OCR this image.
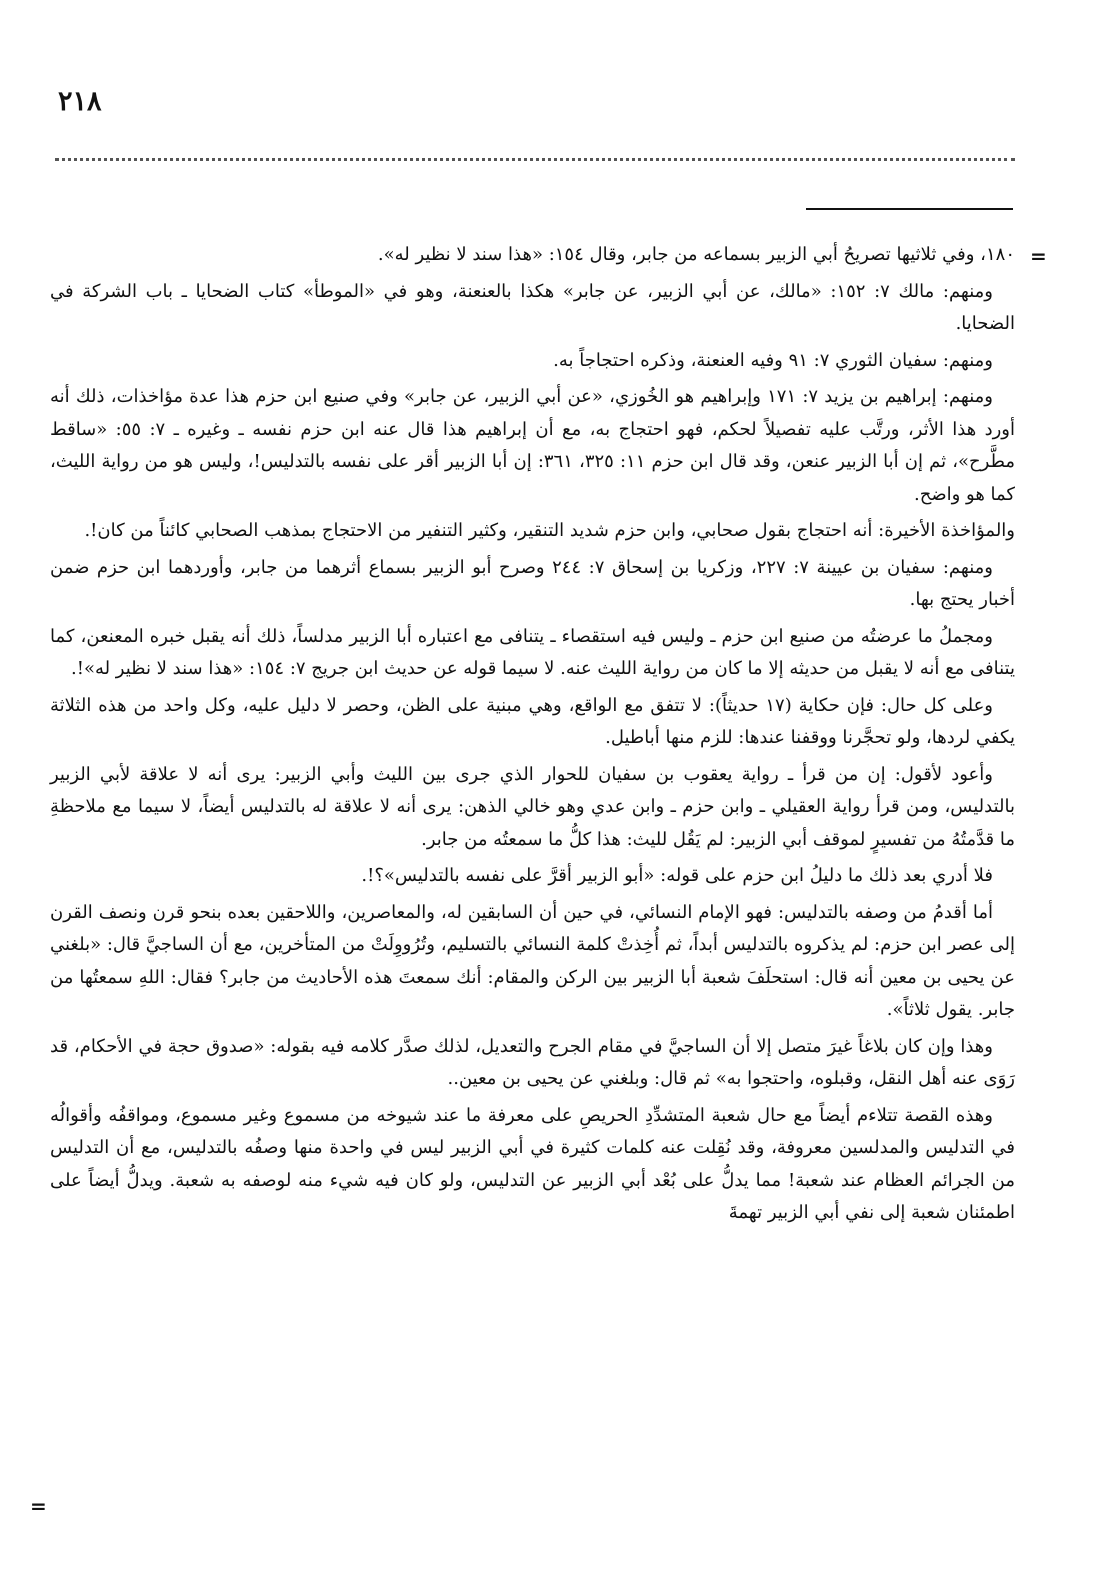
٢١٨
=
=

١٨٠، وفي ثلاثيها تصريحُ أبي الزبير بسماعه من جابر، وقال ١٥٤: «هذا سند لا نظير له».

ومنهم: مالك ٧: ١٥٢: «مالك، عن أبي الزبير، عن جابر» هكذا بالعنعنة، وهو في «الموطأ» كتاب الضحايا ـ باب الشركة في الضحايا.

ومنهم: سفيان الثوري ٧: ٩١ وفيه العنعنة، وذكره احتجاجاً به.

ومنهم: إبراهيم بن يزيد ٧: ١٧١ وإبراهيم هو الخُوزي، «عن أبي الزبير، عن جابر» وفي صنيع ابن حزم هذا عدة مؤاخذات، ذلك أنه أورد هذا الأثر، ورتَّب عليه تفصيلاً لحكم، فهو احتجاج به، مع أن إبراهيم هذا قال عنه ابن حزم نفسه ـ وغيره ـ ٧: ٥٥: «ساقط مطَّرح»، ثم إن أبا الزبير عنعن، وقد قال ابن حزم ١١: ٣٢٥، ٣٦١: إن أبا الزبير أقر على نفسه بالتدليس!، وليس هو من رواية الليث، كما هو واضح.

والمؤاخذة الأخيرة: أنه احتجاج بقول صحابي، وابن حزم شديد التنقير، وكثير التنفير من الاحتجاج بمذهب الصحابي كائناً من كان!.

ومنهم: سفيان بن عيينة ٧: ٢٢٧، وزكريا بن إسحاق ٧: ٢٤٤ وصرح أبو الزبير بسماع أثرهما من جابر، وأوردهما ابن حزم ضمن أخبار يحتج بها.

ومجملُ ما عرضتُه من صنيع ابن حزم ـ وليس فيه استقصاء ـ يتنافى مع اعتباره أبا الزبير مدلساً، ذلك أنه يقبل خبره المعنعن، كما يتنافى مع أنه لا يقبل من حديثه إلا ما كان من رواية الليث عنه. لا سيما قوله عن حديث ابن جريج ٧: ١٥٤: «هذا سند لا نظير له»!.

وعلى كل حال: فإن حكاية (١٧ حديثاً): لا تتفق مع الواقع، وهي مبنية على الظن، وحصر لا دليل عليه، وكل واحد من هذه الثلاثة يكفي لردها، ولو تحجَّرنا ووقفنا عندها: للزم منها أباطيل.

وأعود لأقول: إن من قرأ ـ رواية يعقوب بن سفيان للحوار الذي جرى بين الليث وأبي الزبير: يرى أنه لا علاقة لأبي الزبير بالتدليس، ومن قرأ رواية العقيلي ـ وابن حزم ـ وابن عدي وهو خالي الذهن: يرى أنه لا علاقة له بالتدليس أيضاً، لا سيما مع ملاحظةِ ما قدَّمتُهُ من تفسيرٍ لموقف أبي الزبير: لم يَقُل لليث: هذا كلُّ ما سمعتُه من جابر.

فلا أدري بعد ذلك ما دليلُ ابن حزم على قوله: «أبو الزبير أقرَّ على نفسه بالتدليس»؟!.

أما أقدمُ من وصفه بالتدليس: فهو الإمام النسائي، في حين أن السابقين له، والمعاصرين، واللاحقين بعده بنحو قرن ونصف القرن إلى عصر ابن حزم: لم يذكروه بالتدليس أبداً، ثم أُخِذتْ كلمة النسائي بالتسليم، وتُرُووِلَتْ من المتأخرين، مع أن الساجيَّ قال: «بلغني عن يحيى بن معين أنه قال: استحلَفَ شعبة أبا الزبير بين الركن والمقام: أنك سمعتَ هذه الأحاديث من جابر؟ فقال: اللهِ سمعتُها من جابر. يقول ثلاثاً».

وهذا وإن كان بلاغاً غيرَ متصل إلا أن الساجيَّ في مقام الجرح والتعديل، لذلك صدَّر كلامه فيه بقوله: «صدوق حجة في الأحكام، قد رَوَى عنه أهل النقل، وقبلوه، واحتجوا به» ثم قال: وبلغني عن يحيى بن معين..

وهذه القصة تتلاءم أيضاً مع حال شعبة المتشدِّدِ الحريصِ على معرفة ما عند شيوخه من مسموع وغير مسموع، ومواقفُه وأقوالُه في التدليس والمدلسين معروفة، وقد نُقِلت عنه كلمات كثيرة في أبي الزبير ليس في واحدة منها وصفُه بالتدليس، مع أن التدليس من الجرائم العظام عند شعبة! مما يدلُّ على بُعْد أبي الزبير عن التدليس، ولو كان فيه شيء منه لوصفه به شعبة. ويدلُّ أيضاً على اطمئنان شعبة إلى نفي أبي الزبير تهمةَ
